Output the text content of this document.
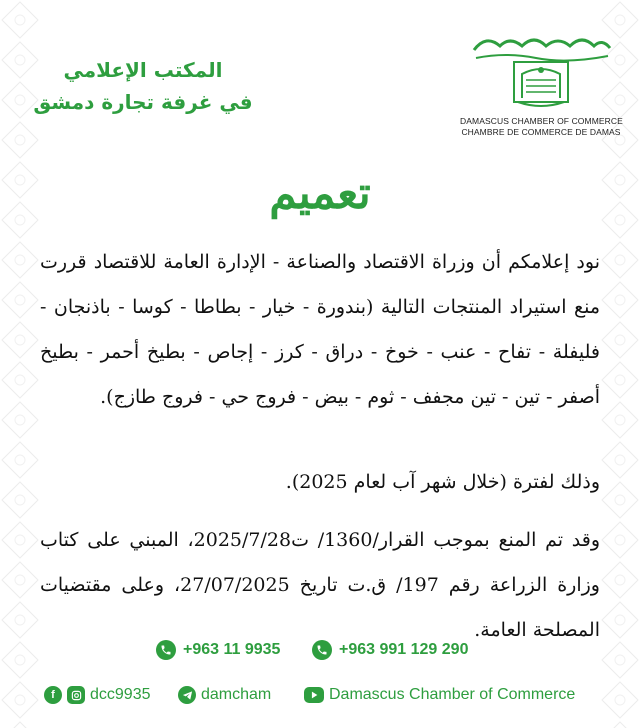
المكتب الإعلامي
في غرفة تجارة دمشق
DAMASCUS CHAMBER OF COMMERCE
CHAMBRE DE COMMERCE DE DAMAS
تعميم
نود إعلامكم أن وزراة الاقتصاد والصناعة - الإدارة العامة للاقتصاد قررت منع استيراد المنتجات التالية (بندورة - خيار - بطاطا - كوسا - باذنجان - فليفلة - تفاح - عنب - خوخ - دراق - كرز - إجاص - بطيخ أحمر - بطيخ أصفر - تين - تين مجفف - ثوم - بيض - فروج حي - فروج طازج).
وذلك لفترة (خلال شهر آب لعام 2025).
وقد تم المنع بموجب القرار/1360/ ت2025/7/28، المبني على كتاب وزارة الزراعة رقم 197/ ق.ت تاريخ 27/07/2025، وعلى مقتضيات المصلحة العامة.
+963 991 129 290
+963 11 9935
f	dcc9935	damcham	Damascus Chamber of Commerce
